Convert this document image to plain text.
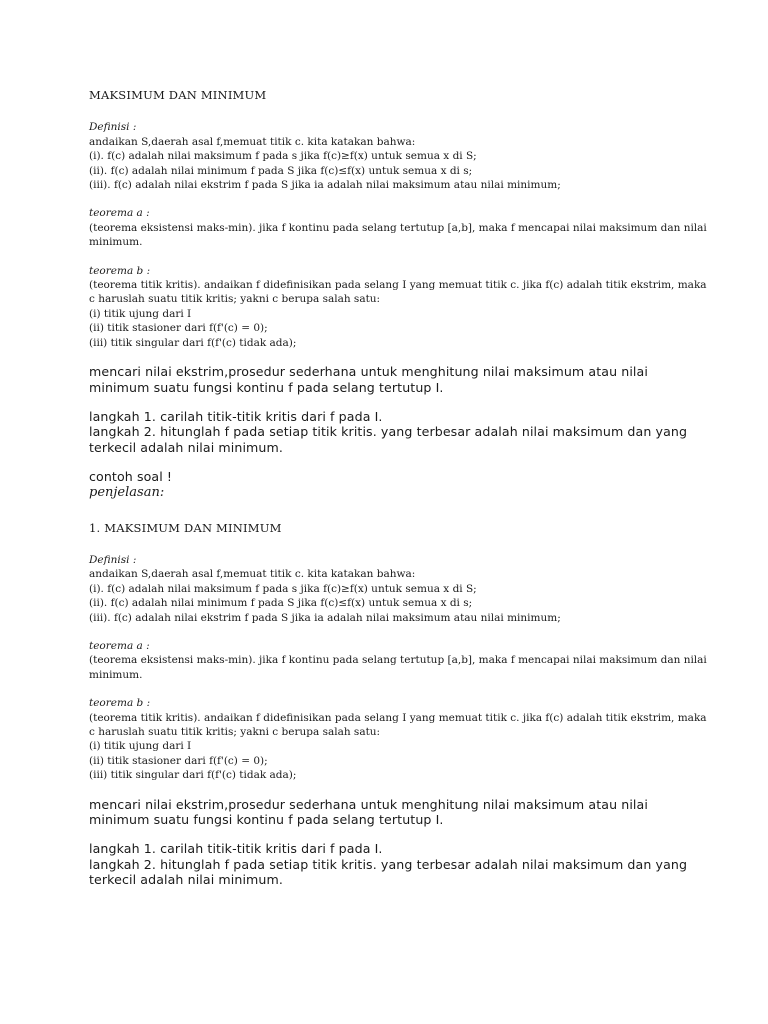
MAKSIMUM DAN MINIMUM

Definisi :

andaikan S,daerah asal f,memuat titik c. kita katakan bahwa:

(i). f(c) adalah nilai maksimum f pada s jika f(c)≥f(x) untuk semua x di S;

(ii). f(c) adalah nilai minimum f pada S jika f(c)≤f(x) untuk semua x di s;

(iii). f(c) adalah nilai ekstrim f pada S jika ia adalah nilai maksimum atau nilai minimum;

teorema a :

(teorema eksistensi maks-min). jika f kontinu pada selang tertutup [a,b], maka f mencapai nilai maksimum dan nilai

minimum.

teorema b :

(teorema titik kritis). andaikan f didefinisikan pada selang I yang memuat titik c. jika f(c) adalah titik ekstrim, maka

c haruslah suatu titik kritis; yakni c berupa salah satu:

(i) titik ujung dari I

(ii) titik stasioner dari f(f'(c) = 0);

(iii) titik singular dari f(f'(c) tidak ada);

mencari nilai ekstrim,prosedur sederhana untuk menghitung nilai maksimum atau nilai

minimum suatu fungsi kontinu f pada selang tertutup I.

langkah 1. carilah titik-titik kritis dari f pada I.

langkah 2. hitunglah f pada setiap titik kritis. yang terbesar adalah nilai maksimum dan yang

terkecil adalah nilai minimum.

contoh soal !

penjelasan:

1. MAKSIMUM DAN MINIMUM

Definisi :

andaikan S,daerah asal f,memuat titik c. kita katakan bahwa:

(i). f(c) adalah nilai maksimum f pada s jika f(c)≥f(x) untuk semua x di S;

(ii). f(c) adalah nilai minimum f pada S jika f(c)≤f(x) untuk semua x di s;

(iii). f(c) adalah nilai ekstrim f pada S jika ia adalah nilai maksimum atau nilai minimum;

teorema a :

(teorema eksistensi maks-min). jika f kontinu pada selang tertutup [a,b], maka f mencapai nilai maksimum dan nilai

minimum.

teorema b :

(teorema titik kritis). andaikan f didefinisikan pada selang I yang memuat titik c. jika f(c) adalah titik ekstrim, maka

c haruslah suatu titik kritis; yakni c berupa salah satu:

(i) titik ujung dari I

(ii) titik stasioner dari f(f'(c) = 0);

(iii) titik singular dari f(f'(c) tidak ada);

mencari nilai ekstrim,prosedur sederhana untuk menghitung nilai maksimum atau nilai

minimum suatu fungsi kontinu f pada selang tertutup I.

langkah 1. carilah titik-titik kritis dari f pada I.

langkah 2. hitunglah f pada setiap titik kritis. yang terbesar adalah nilai maksimum dan yang

terkecil adalah nilai minimum.
